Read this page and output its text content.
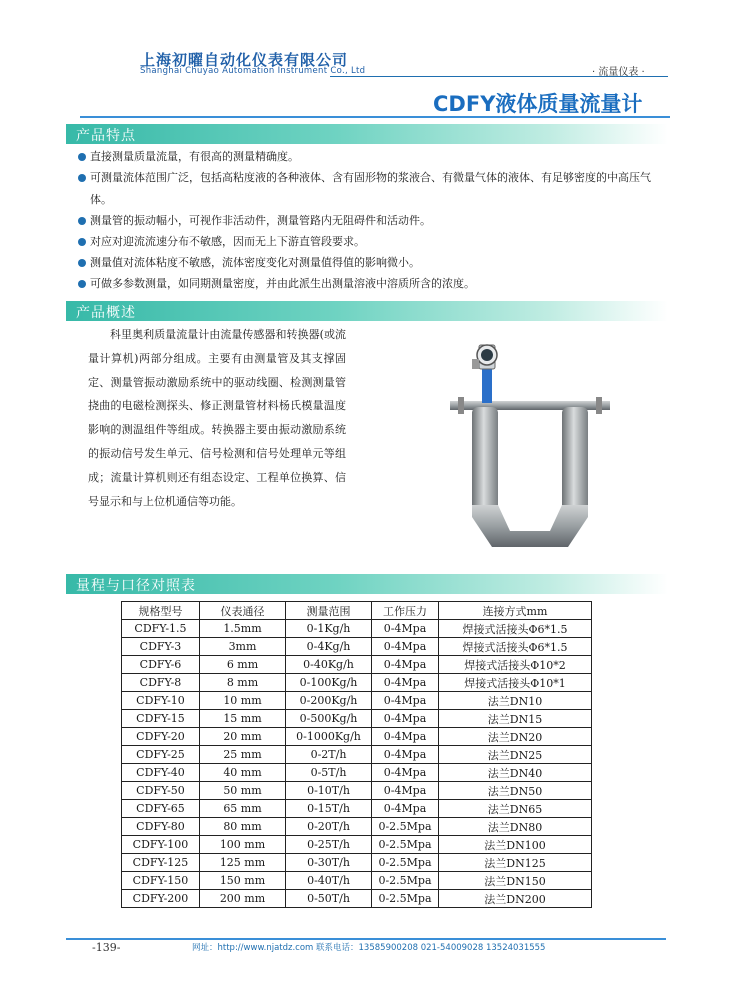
上海初曜自动化仪表有限公司
Shanghai Chuyao Automation Instrument Co., Ltd	· 流量仪表 ·
CDFY液体质量流量计
产品特点
直接测量质量流量，有很高的测量精确度。
可测量流体范围广泛，包括高粘度液的各种液体、含有固形物的浆液合、有微量气体的液体、有足够密度的中高压气体。
测量管的振动幅小，可视作非活动件，测量管路内无阻碍件和活动件。
对应对迎流流速分布不敏感，因而无上下游直管段要求。
测量值对流体粘度不敏感，流体密度变化对测量值得值的影响微小。
可做多参数测量，如同期测量密度，并由此派生出测量溶液中溶质所含的浓度。
产品概述
科里奥利质量流量计由流量传感器和转换器(或流量计算机)两部分组成。主要有由测量管及其支撑固定、测量管振动激励系统中的驱动线圈、检测测量管挠曲的电磁检测探头、修正测量管材料杨氏模量温度影响的测温组件等组成。转换器主要由振动激励系统的振动信号发生单元、信号检测和信号处理单元等组成；流量计算机则还有组态设定、工程单位换算、信号显示和与上位机通信等功能。
量程与口径对照表
规格型号	仪表通径	测量范围	工作压力	连接方式mm
CDFY-1.5	1.5mm	0-1Kg/h	0-4Mpa	焊接式活接头Φ6*1.5
CDFY-3	3mm	0-4Kg/h	0-4Mpa	焊接式活接头Φ6*1.5
CDFY-6	6 mm	0-40Kg/h	0-4Mpa	焊接式活接头Φ10*2
CDFY-8	8 mm	0-100Kg/h	0-4Mpa	焊接式活接头Φ10*1
CDFY-10	10 mm	0-200Kg/h	0-4Mpa	法兰DN10
CDFY-15	15 mm	0-500Kg/h	0-4Mpa	法兰DN15
CDFY-20	20 mm	0-1000Kg/h	0-4Mpa	法兰DN20
CDFY-25	25 mm	0-2T/h	0-4Mpa	法兰DN25
CDFY-40	40 mm	0-5T/h	0-4Mpa	法兰DN40
CDFY-50	50 mm	0-10T/h	0-4Mpa	法兰DN50
CDFY-65	65 mm	0-15T/h	0-4Mpa	法兰DN65
CDFY-80	80 mm	0-20T/h	0-2.5Mpa	法兰DN80
CDFY-100	100 mm	0-25T/h	0-2.5Mpa	法兰DN100
CDFY-125	125 mm	0-30T/h	0-2.5Mpa	法兰DN125
CDFY-150	150 mm	0-40T/h	0-2.5Mpa	法兰DN150
CDFY-200	200 mm	0-50T/h	0-2.5Mpa	法兰DN200
-139-	网址：http://www.njatdz.com 联系电话：13585900208 021-54009028 13524031555
